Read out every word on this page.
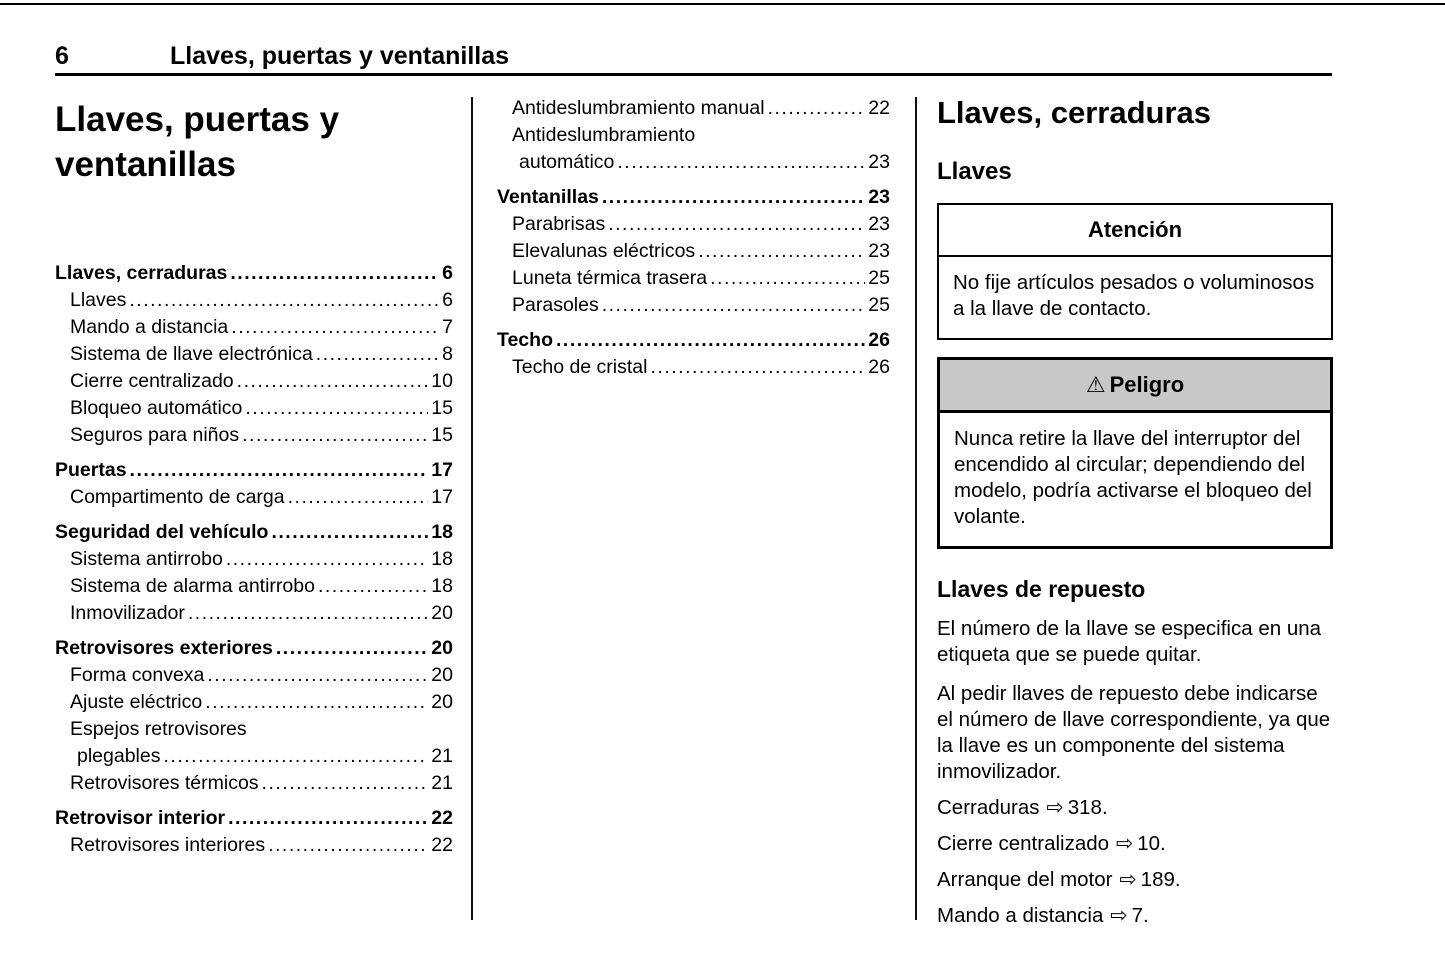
6	Llaves, puertas y ventanillas
Llaves, puertas y
ventanillas
Llaves, cerraduras .....	6
Llaves .....	6
Mando a distancia .....	7
Sistema de llave electrónica .....	8
Cierre centralizado .....	10
Bloqueo automático .....	15
Seguros para niños .....	15
Puertas .....	17
Compartimento de carga .....	17
Seguridad del vehículo .....	18
Sistema antirrobo .....	18
Sistema de alarma antirrobo .....	18
Inmovilizador .....	20
Retrovisores exteriores .....	20
Forma convexa .....	20
Ajuste eléctrico .....	20
Espejos retrovisores
plegables .....	21
Retrovisores térmicos .....	21
Retrovisor interior .....	22
Retrovisores interiores .....	22
Antideslumbramiento manual .....	22
Antideslumbramiento
automático .....	23
Ventanillas .....	23
Parabrisas .....	23
Elevalunas eléctricos .....	23
Luneta térmica trasera .....	25
Parasoles .....	25
Techo .....	26
Techo de cristal .....	26
Llaves, cerraduras
Llaves
Atención
No fije artículos pesados o voluminosos a la llave de contacto.
⚠ Peligro
Nunca retire la llave del interruptor del encendido al circular; dependiendo del modelo, podría activarse el bloqueo del volante.
Llaves de repuesto
El número de la llave se especifica en una etiqueta que se puede quitar.
Al pedir llaves de repuesto debe indicarse el número de llave correspondiente, ya que la llave es un componente del sistema inmovilizador.
Cerraduras ⇨ 318.
Cierre centralizado ⇨ 10.
Arranque del motor ⇨ 189.
Mando a distancia ⇨ 7.
